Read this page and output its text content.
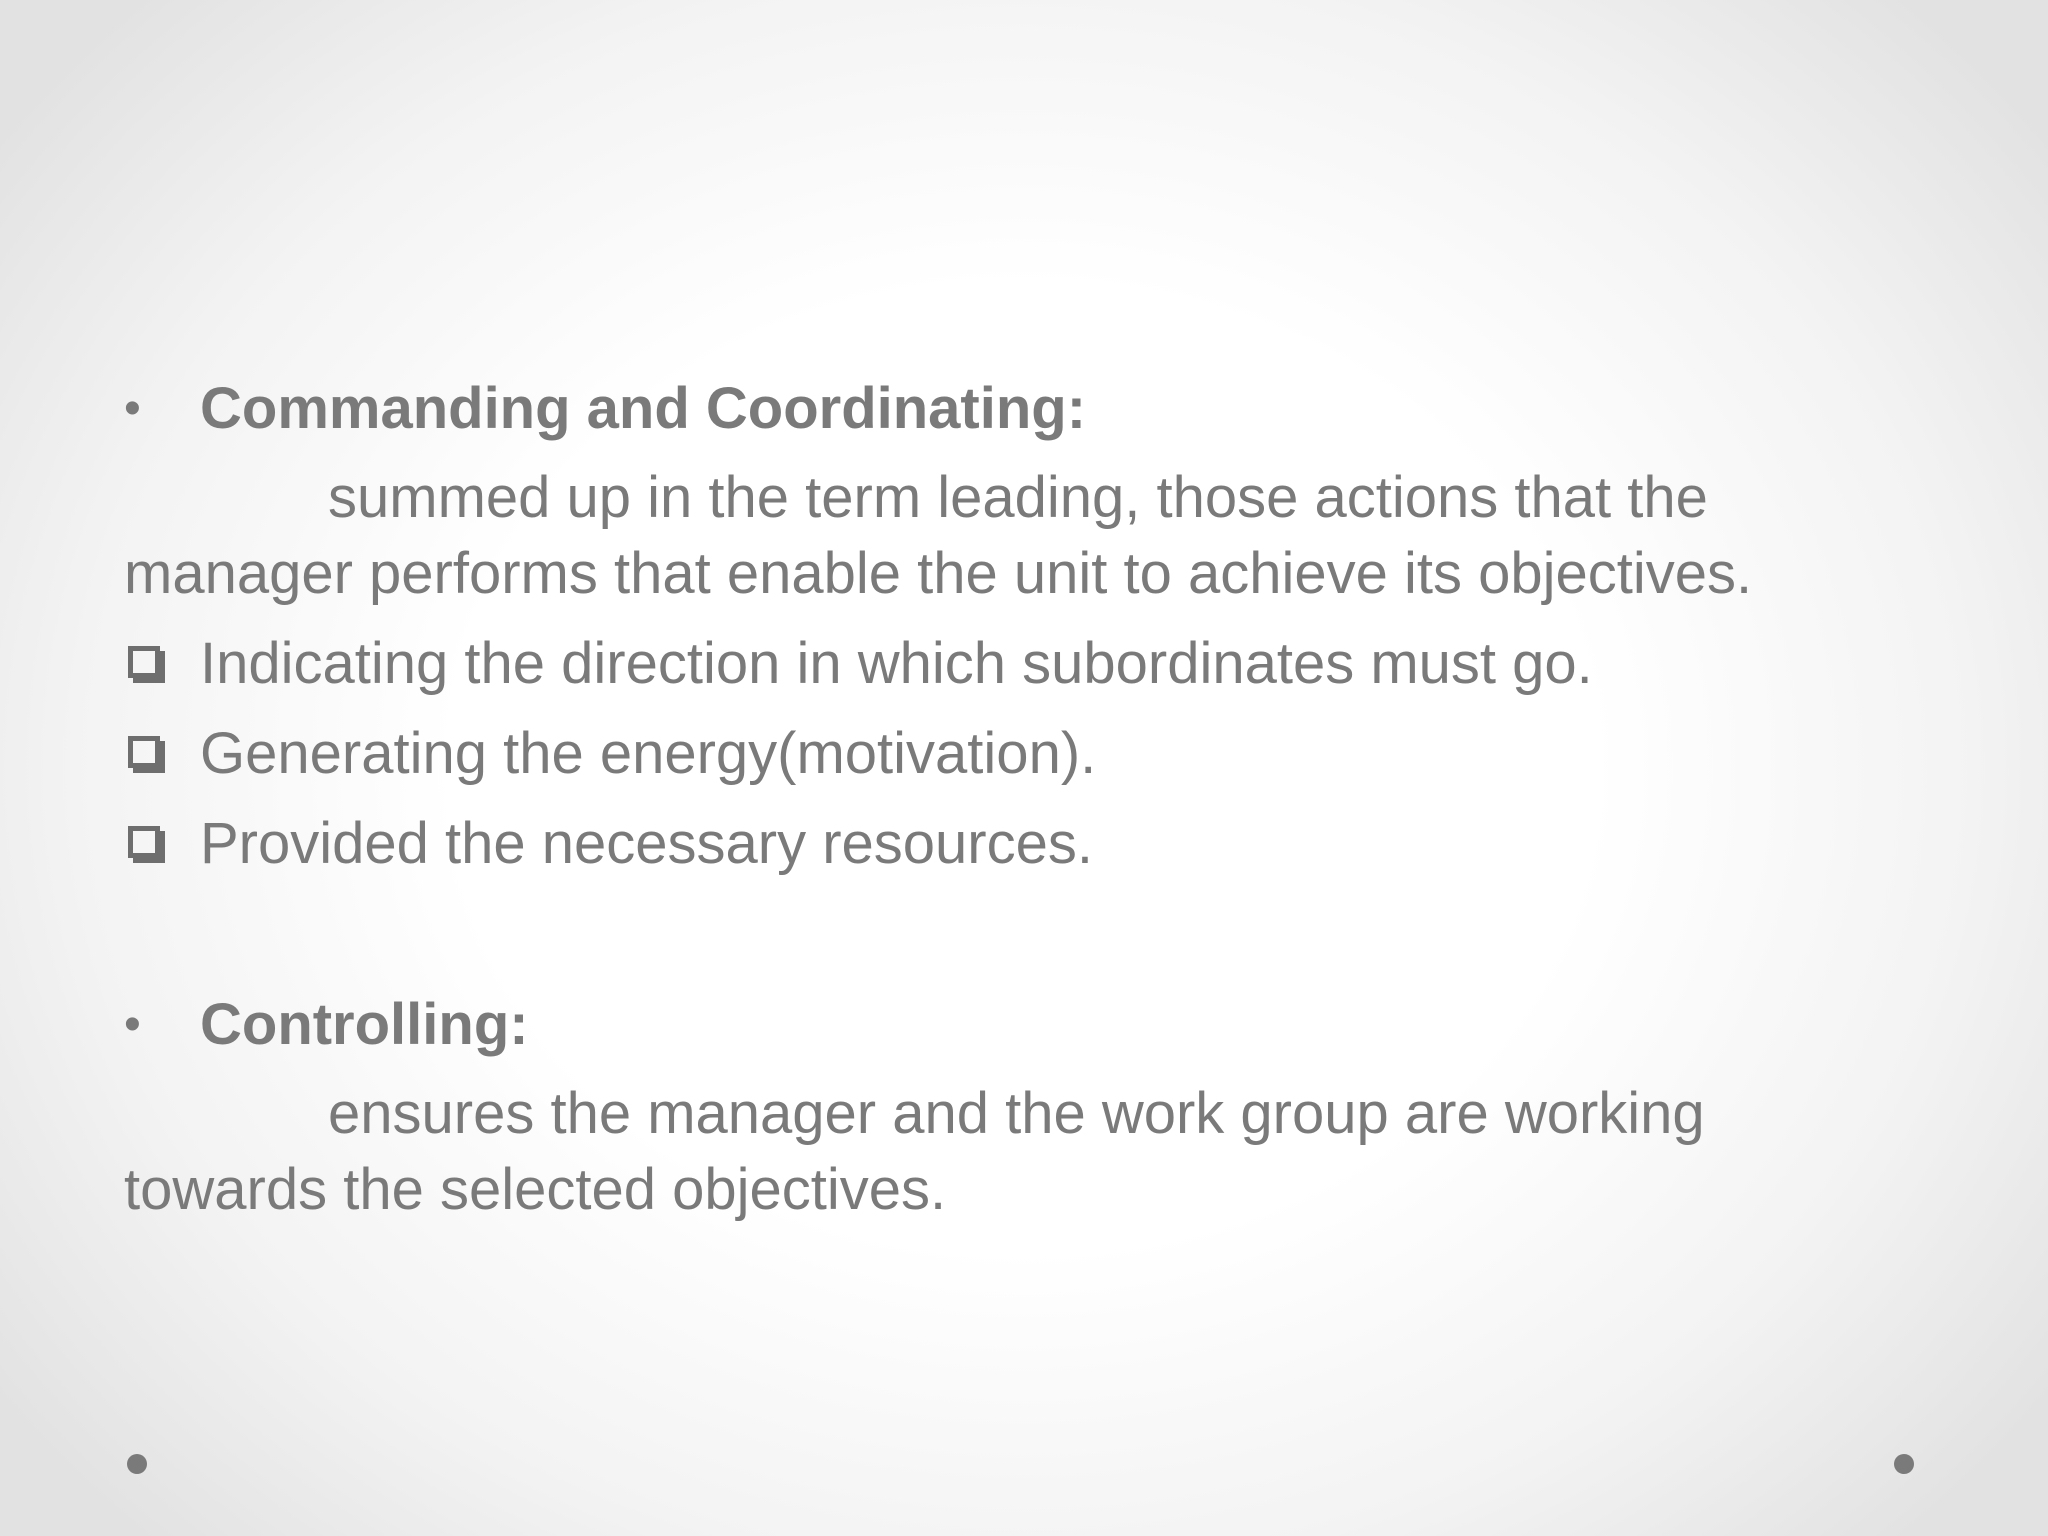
• Commanding and Coordinating:
summed up in the term leading, those actions that the
manager performs that enable the unit to achieve its objectives.
Indicating the direction in which subordinates must go.
Generating the energy(motivation).
Provided the necessary resources.
• Controlling:
ensures the manager and the work group are working
towards the selected objectives.
